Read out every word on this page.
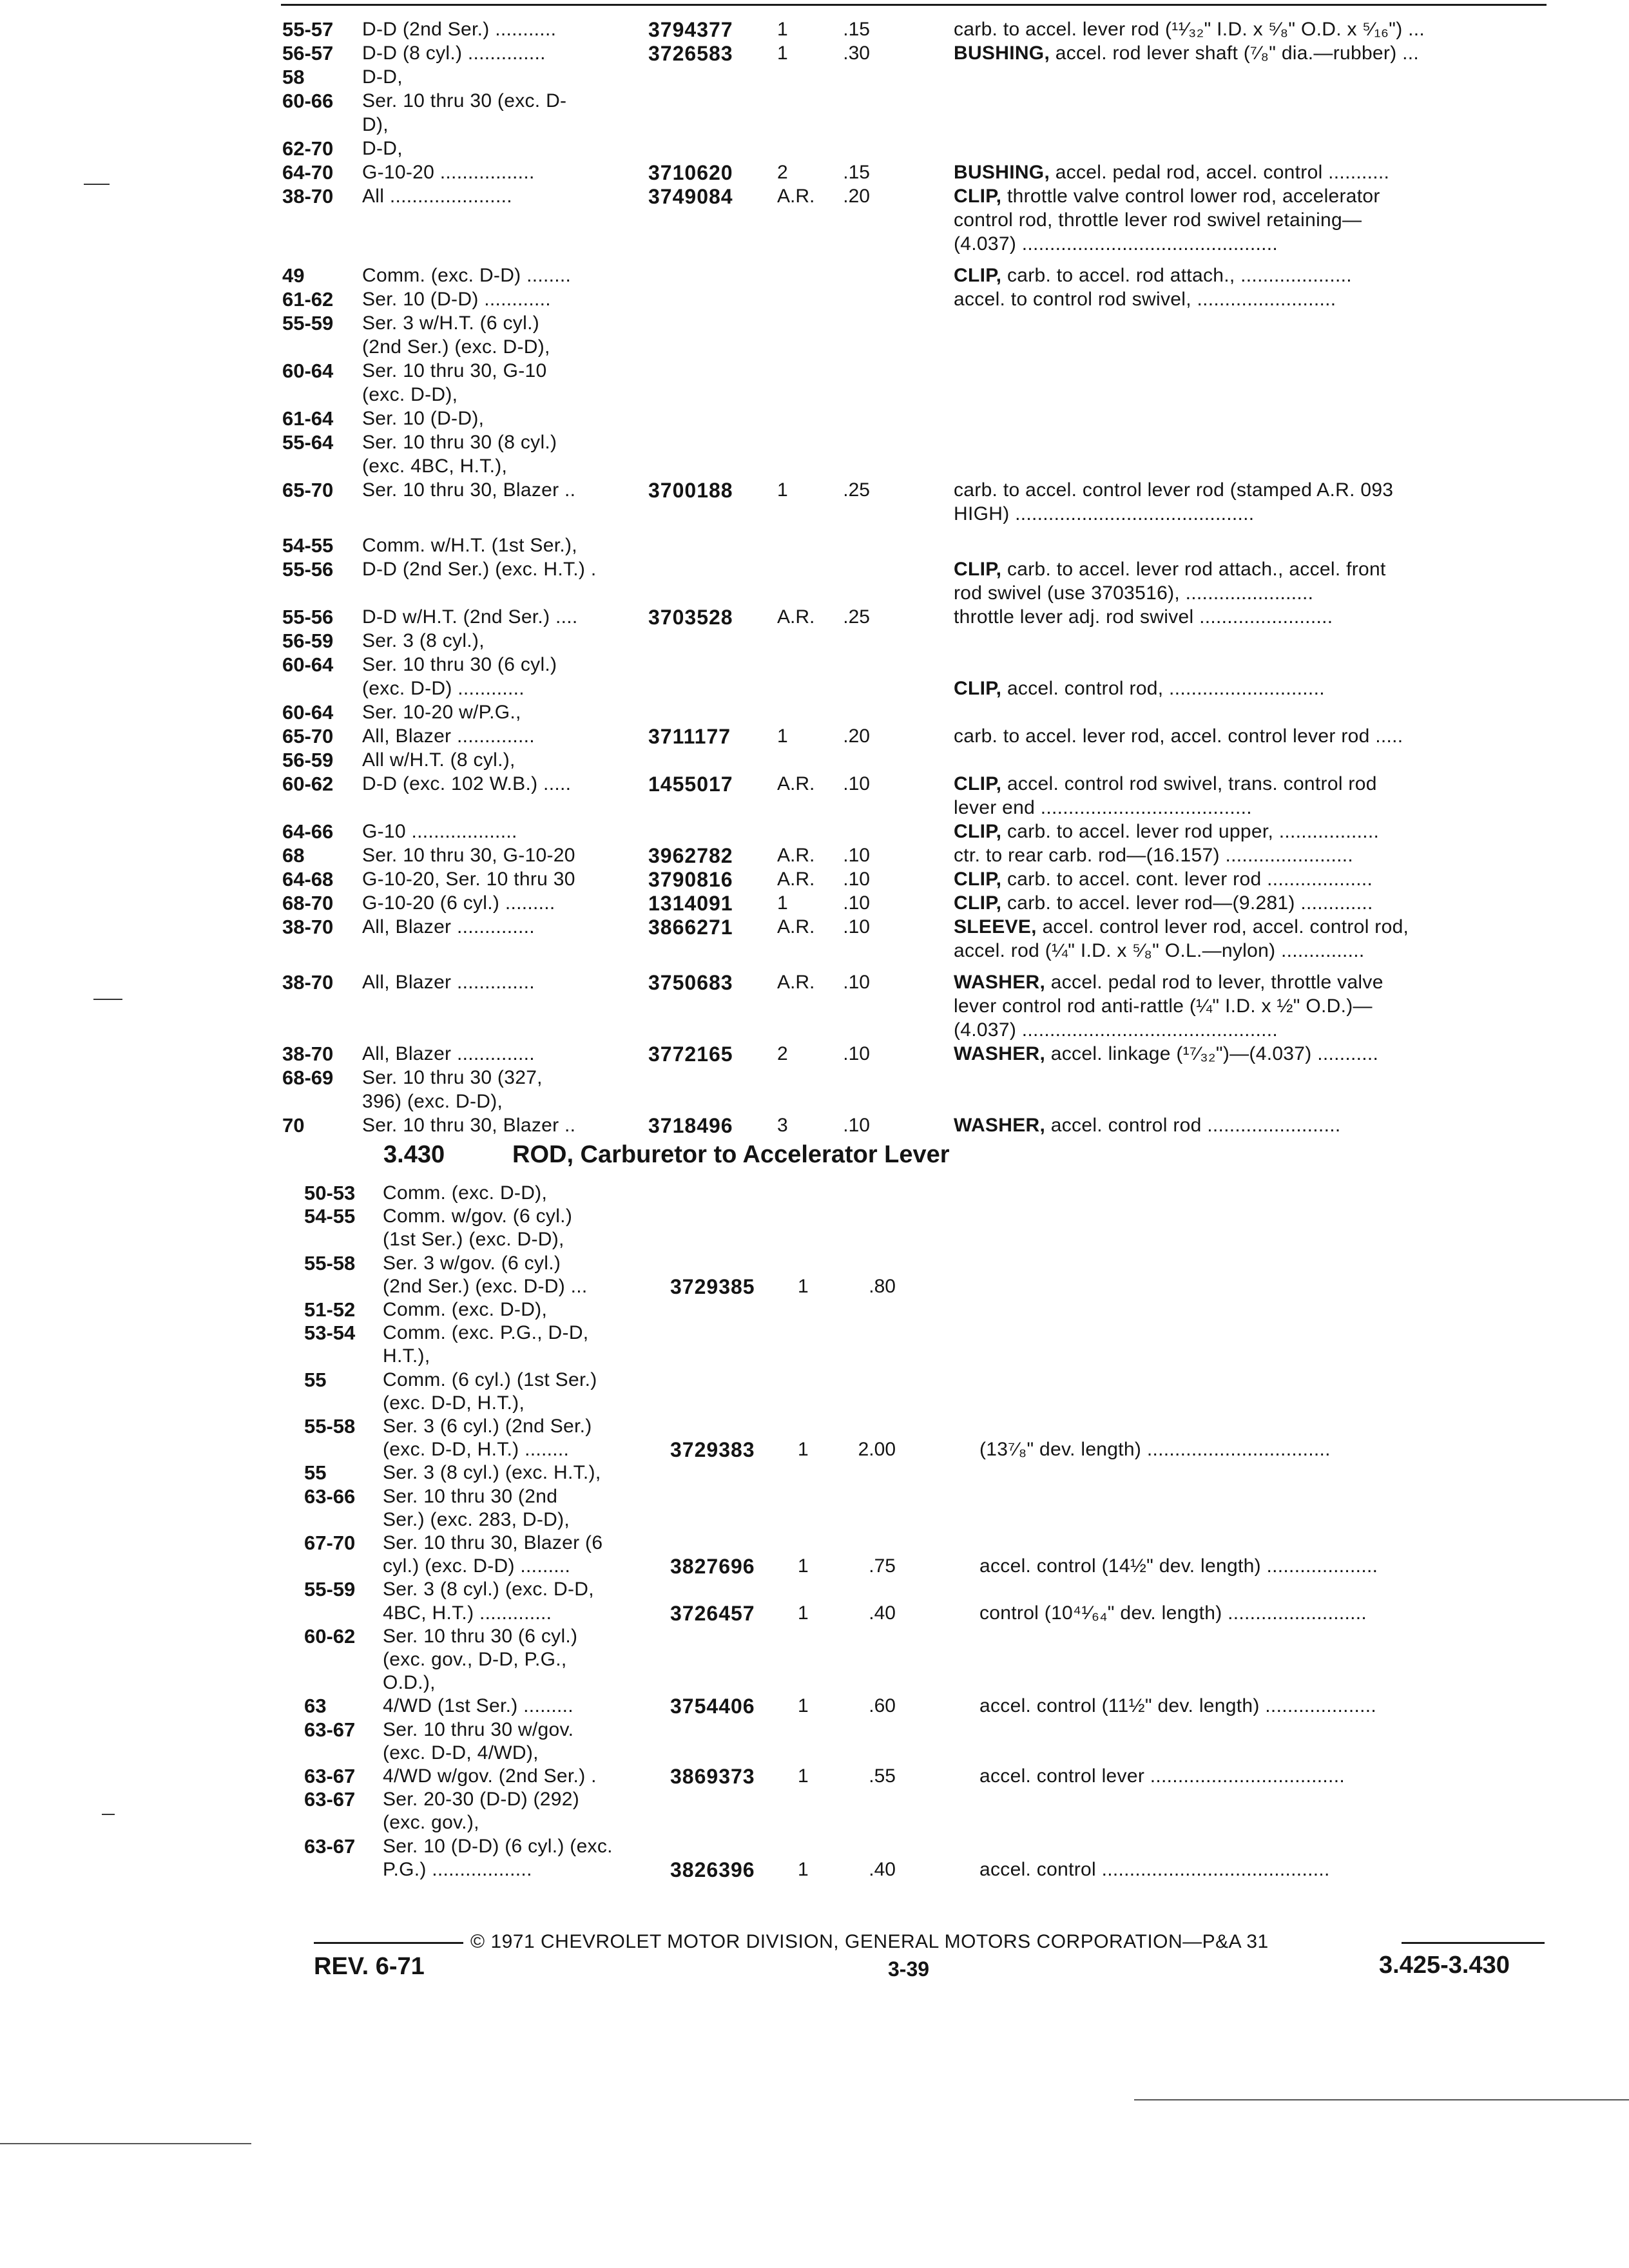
55-57 D-D (2nd Ser.) ...........	3794377 1	.15	carb. to accel. lever rod (¹¹⁄₃₂" I.D. x ⁵⁄₈" O.D. x ⁵⁄₁₆") ...
56-57 D-D (8 cyl.) ..............	3726583 1	.30	BUSHING, accel. rod lever shaft (⁷⁄₈" dia.—rubber) ...
58	D-D,
60-66 Ser. 10 thru 30 (exc. D-
D),
62-70 D-D,
64-70 G-10-20 .................	3710620 2	.15	BUSHING, accel. pedal rod, accel. control ...........
38-70 All ......................	3749084 A.R.	.20	CLIP, throttle valve control lower rod, accelerator
control rod, throttle lever rod swivel retaining—
(4.037) ..............................................
49	Comm. (exc. D-D) ........	CLIP, carb. to accel. rod attach., ....................
61-62 Ser. 10 (D-D) ............	accel. to control rod swivel, .........................
55-59 Ser. 3 w/H.T. (6 cyl.)
(2nd Ser.) (exc. D-D),
60-64 Ser. 10 thru 30, G-10
(exc. D-D),
61-64 Ser. 10 (D-D),
55-64 Ser. 10 thru 30 (8 cyl.)
(exc. 4BC, H.T.),
65-70 Ser. 10 thru 30, Blazer ..	3700188 1	.25	carb. to accel. control lever rod (stamped A.R. 093
HIGH) ...........................................
54-55 Comm. w/H.T. (1st Ser.),
55-56 D-D (2nd Ser.) (exc. H.T.) .	CLIP, carb. to accel. lever rod attach., accel. front
rod swivel (use 3703516), .......................
55-56 D-D w/H.T. (2nd Ser.) ....	3703528 A.R.	.25	throttle lever adj. rod swivel ........................
56-59 Ser. 3 (8 cyl.),
60-64 Ser. 10 thru 30 (6 cyl.)
(exc. D-D) ............	CLIP, accel. control rod, ............................
60-64 Ser. 10-20 w/P.G.,
65-70 All, Blazer ..............	3711177 1	.20	carb. to accel. lever rod, accel. control lever rod .....
56-59 All w/H.T. (8 cyl.),
60-62 D-D (exc. 102 W.B.) .....	1455017 A.R.	.10	CLIP, accel. control rod swivel, trans. control rod
lever end ......................................
64-66 G-10 ...................	CLIP, carb. to accel. lever rod upper, ..................
68	Ser. 10 thru 30, G-10-20	3962782 A.R.	.10	ctr. to rear carb. rod—(16.157) .......................
64-68 G-10-20, Ser. 10 thru 30	3790816 A.R.	.10	CLIP, carb. to accel. cont. lever rod ...................
68-70 G-10-20 (6 cyl.) .........	1314091 1	.10	CLIP, carb. to accel. lever rod—(9.281) .............
38-70 All, Blazer ..............	3866271 A.R.	.10	SLEEVE, accel. control lever rod, accel. control rod,
accel. rod (¼" I.D. x ⁵⁄₈" O.L.—nylon) ...............
38-70 All, Blazer ..............	3750683 A.R.	.10	WASHER, accel. pedal rod to lever, throttle valve
lever control rod anti-rattle (¼" I.D. x ½" O.D.)—
(4.037) ..............................................
38-70 All, Blazer ..............	3772165 2	.10	WASHER, accel. linkage (¹⁷⁄₃₂")—(4.037) ...........
68-69 Ser. 10 thru 30 (327,
396) (exc. D-D),
70	Ser. 10 thru 30, Blazer ..	3718496 3	.10	WASHER, accel. control rod ........................
3.430	ROD, Carburetor to Accelerator Lever
50-53 Comm. (exc. D-D),
54-55 Comm. w/gov. (6 cyl.)
(1st Ser.) (exc. D-D),
55-58 Ser. 3 w/gov. (6 cyl.)
(2nd Ser.) (exc. D-D) ...	3729385 1	.80
51-52 Comm. (exc. D-D),
53-54 Comm. (exc. P.G., D-D,
H.T.),
55	Comm. (6 cyl.) (1st Ser.)
(exc. D-D, H.T.),
55-58 Ser. 3 (6 cyl.) (2nd Ser.)
(exc. D-D, H.T.) ........	3729383 1	2.00	(13⁷⁄₈" dev. length) .................................
55	Ser. 3 (8 cyl.) (exc. H.T.),
63-66 Ser. 10 thru 30 (2nd
Ser.) (exc. 283, D-D),
67-70 Ser. 10 thru 30, Blazer (6
cyl.) (exc. D-D) .........	3827696 1	.75	accel. control (14½" dev. length) ....................
55-59 Ser. 3 (8 cyl.) (exc. D-D,
4BC, H.T.) .............	3726457 1	.40	control (10⁴¹⁄₆₄" dev. length) .........................
60-62 Ser. 10 thru 30 (6 cyl.)
(exc. gov., D-D, P.G.,
O.D.),
63	4/WD (1st Ser.) .........	3754406 1	.60	accel. control (11½" dev. length) ....................
63-67 Ser. 10 thru 30 w/gov.
(exc. D-D, 4/WD),
63-67 4/WD w/gov. (2nd Ser.) .	3869373 1	.55	accel. control lever ...................................
63-67 Ser. 20-30 (D-D) (292)
(exc. gov.),
63-67 Ser. 10 (D-D) (6 cyl.) (exc.
P.G.) ..................	3826396 1	.40	accel. control .........................................
© 1971 CHEVROLET MOTOR DIVISION, GENERAL MOTORS CORPORATION—P&A 31
REV. 6-71	3-39	3.425-3.430
